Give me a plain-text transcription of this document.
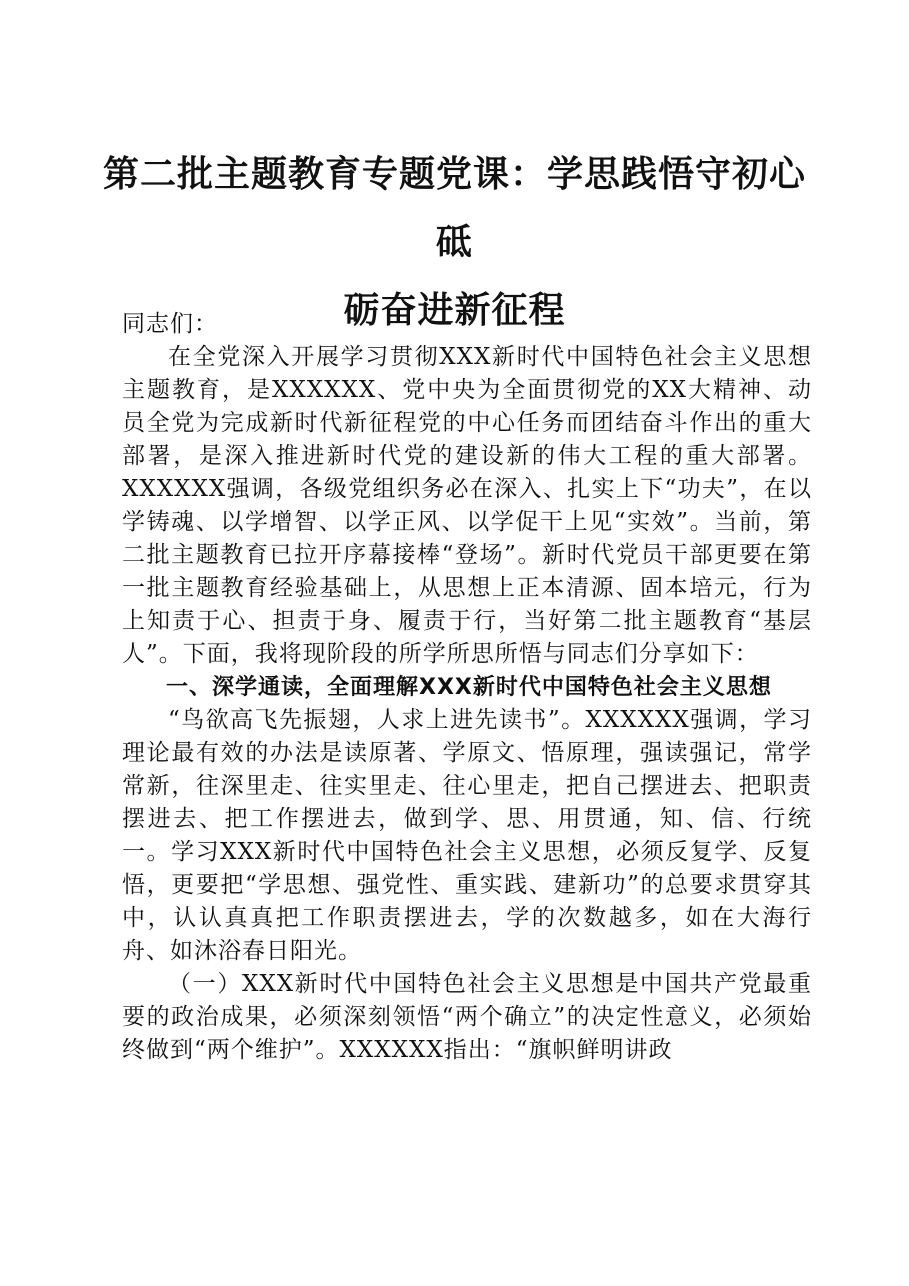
第二批主题教育专题党课：学思践悟守初心砥
砺奋进新征程

同志们：

在全党深入开展学习贯彻XXX新时代中国特色社会主义思想主题教育，是XXXXXX、党中央为全面贯彻党的XX大精神、动员全党为完成新时代新征程党的中心任务而团结奋斗作出的重大部署，是深入推进新时代党的建设新的伟大工程的重大部署。XXXXXX强调，各级党组织务必在深入、扎实上下“功夫”，在以学铸魂、以学增智、以学正风、以学促干上见“实效”。当前，第二批主题教育已拉开序幕接棒“登场”。新时代党员干部更要在第一批主题教育经验基础上，从思想上正本清源、固本培元，行为上知责于心、担责于身、履责于行，当好第二批主题教育“基层人”。下面，我将现阶段的所学所思所悟与同志们分享如下：

一、深学通读，全面理解XXX新时代中国特色社会主义思想

“鸟欲高飞先振翅，人求上进先读书”。XXXXXX强调，学习理论最有效的办法是读原著、学原文、悟原理，强读强记，常学常新，往深里走、往实里走、往心里走，把自己摆进去、把职责摆进去、把工作摆进去，做到学、思、用贯通，知、信、行统一。学习XXX新时代中国特色社会主义思想，必须反复学、反复悟，更要把“学思想、强党性、重实践、建新功”的总要求贯穿其中，认认真真把工作职责摆进去，学的次数越多，如在大海行舟、如沐浴春日阳光。

（一）XXX新时代中国特色社会主义思想是中国共产党最重要的政治成果，必须深刻领悟“两个确立”的决定性意义，必须始终做到“两个维护”。XXXXXX指出：“旗帜鲜明讲政
